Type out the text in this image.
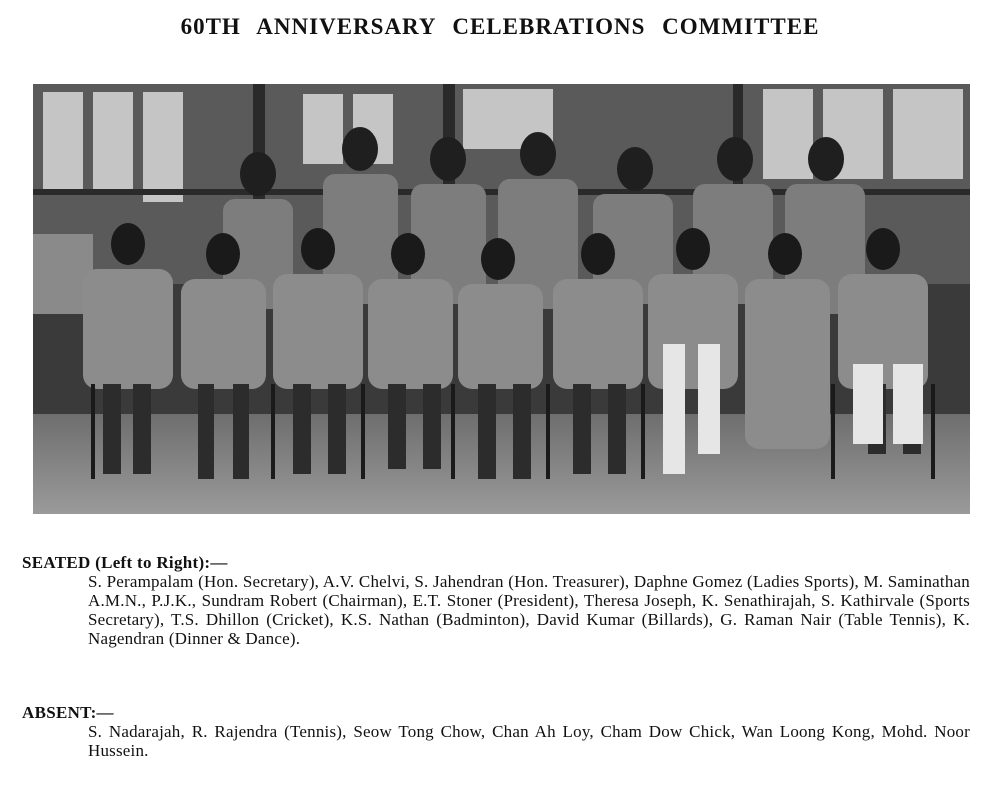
60TH ANNIVERSARY CELEBRATIONS COMMITTEE
SEATED (Left to Right):—
S. Perampalam (Hon. Secretary), A.V. Chelvi, S. Jahendran (Hon. Treasurer), Daphne Gomez (Ladies Sports), M. Saminathan A.M.N., P.J.K., Sundram Robert (Chairman), E.T. Stoner (President), Theresa Joseph, K. Senathirajah, S. Kathirvale (Sports Secretary), T.S. Dhillon (Cricket), K.S. Nathan (Badminton), David Kumar (Billards), G. Raman Nair (Table Tennis), K. Nagendran (Dinner & Dance).
ABSENT:—
S. Nadarajah, R. Rajendra (Tennis), Seow Tong Chow, Chan Ah Loy, Cham Dow Chick, Wan Loong Kong, Mohd. Noor Hussein.
